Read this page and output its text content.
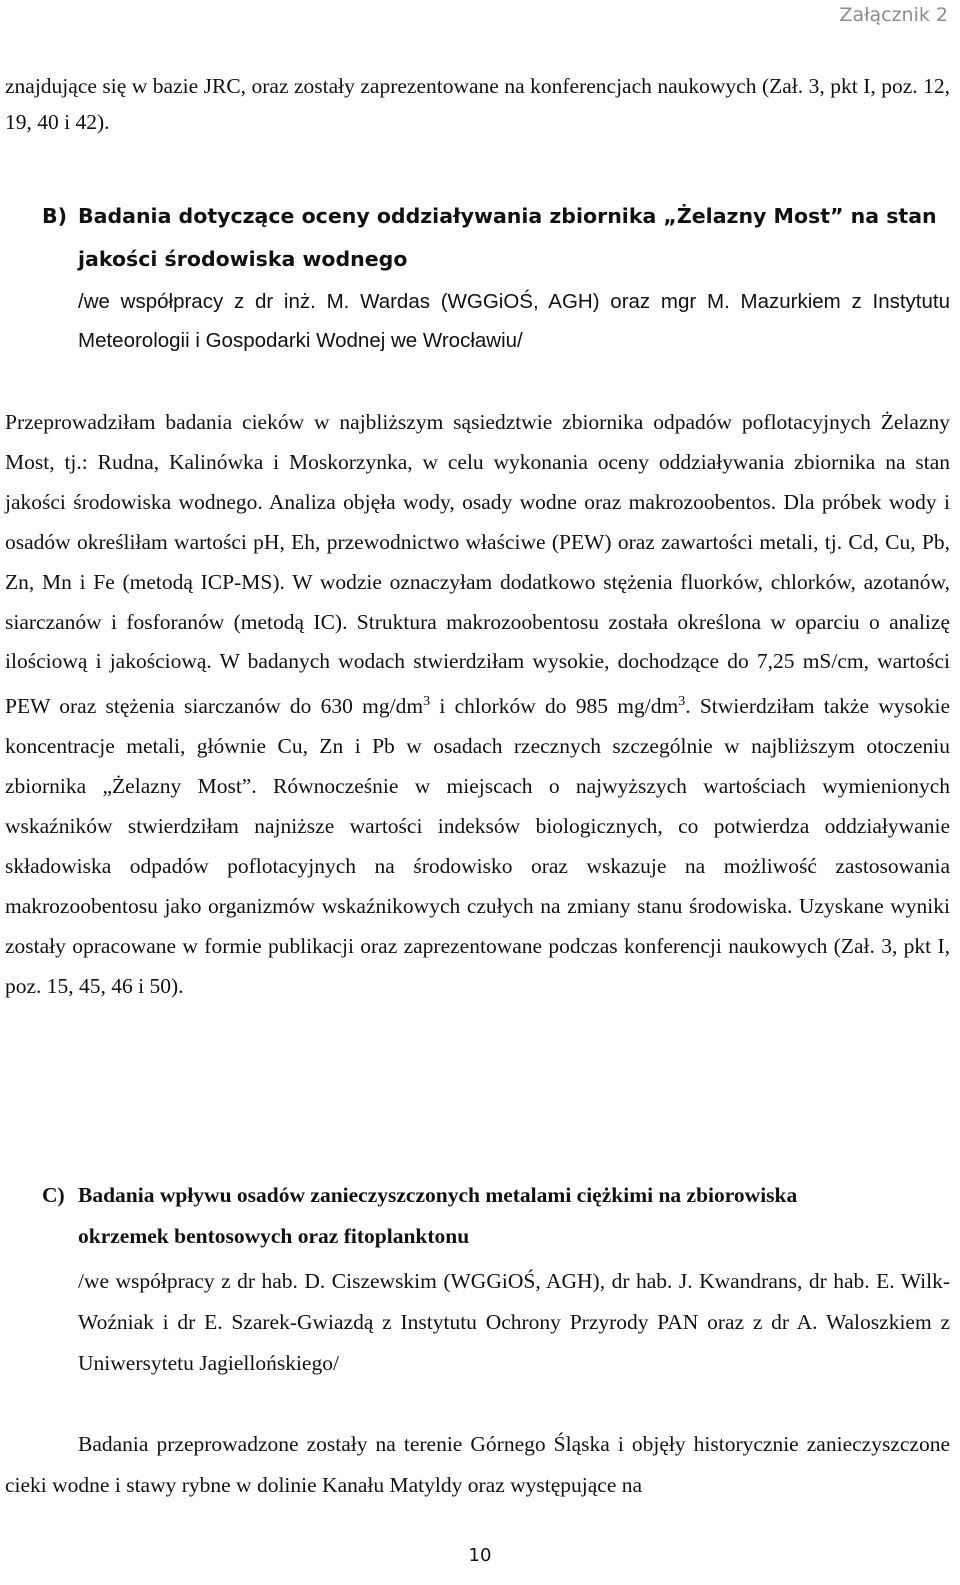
Załącznik 2

znajdujące się w bazie JRC, oraz zostały zaprezentowane na konferencjach naukowych (Zał. 3, pkt I, poz. 12, 19, 40 i 42).

B) Badania dotyczące oceny oddziaływania zbiornika „Żelazny Most” na stan
jakości środowiska wodnego

/we współpracy z dr inż. M. Wardas (WGGiOŚ, AGH) oraz mgr M. Mazurkiem z Instytutu Meteorologii i Gospodarki Wodnej we Wrocławiu/

Przeprowadziłam badania cieków w najbliższym sąsiedztwie zbiornika odpadów poflotacyjnych Żelazny Most, tj.: Rudna, Kalinówka i Moskorzynka, w celu wykonania oceny oddziaływania zbiornika na stan jakości środowiska wodnego. Analiza objęła wody, osady wodne oraz makrozoobentos. Dla próbek wody i osadów określiłam wartości pH, Eh, przewodnictwo właściwe (PEW) oraz zawartości metali, tj. Cd, Cu, Pb, Zn, Mn i Fe (metodą ICP-MS). W wodzie oznaczyłam dodatkowo stężenia fluorków, chlorków, azotanów, siarczanów i fosforanów (metodą IC). Struktura makrozoobentosu została określona w oparciu o analizę ilościową i jakościową. W badanych wodach stwierdziłam wysokie, dochodzące do 7,25 mS/cm, wartości PEW oraz stężenia siarczanów do 630 $mg/dm^3$ i chlorków do 985 $mg/dm^3$. Stwierdziłam także wysokie koncentracje metali, głównie Cu, Zn i Pb w osadach rzecznych szczególnie w najbliższym otoczeniu zbiornika „Żelazny Most”. Równocześnie w miejscach o najwyższych wartościach wymienionych wskaźników stwierdziłam najniższe wartości indeksów biologicznych, co potwierdza oddziaływanie składowiska odpadów poflotacyjnych na środowisko oraz wskazuje na możliwość zastosowania makrozoobentosu jako organizmów wskaźnikowych czułych na zmiany stanu środowiska. Uzyskane wyniki zostały opracowane w formie publikacji oraz zaprezentowane podczas konferencji naukowych (Zał. 3, pkt I, poz. 15, 45, 46 i 50).

C) Badania wpływu osadów zanieczyszczonych metalami ciężkimi na zbiorowiska
okrzemek bentosowych oraz fitoplanktonu

/we współpracy z dr hab. D. Ciszewskim (WGGiOŚ, AGH), dr hab. J. Kwandrans, dr hab. E. Wilk-Woźniak i dr E. Szarek-Gwiazdą z Instytutu Ochrony Przyrody PAN oraz z dr A. Waloszkiem z Uniwersytetu Jagiellońskiego/

Badania przeprowadzone zostały na terenie Górnego Śląska i objęły historycznie zanieczyszczone cieki wodne i stawy rybne w dolinie Kanału Matyldy oraz występujące na

10
